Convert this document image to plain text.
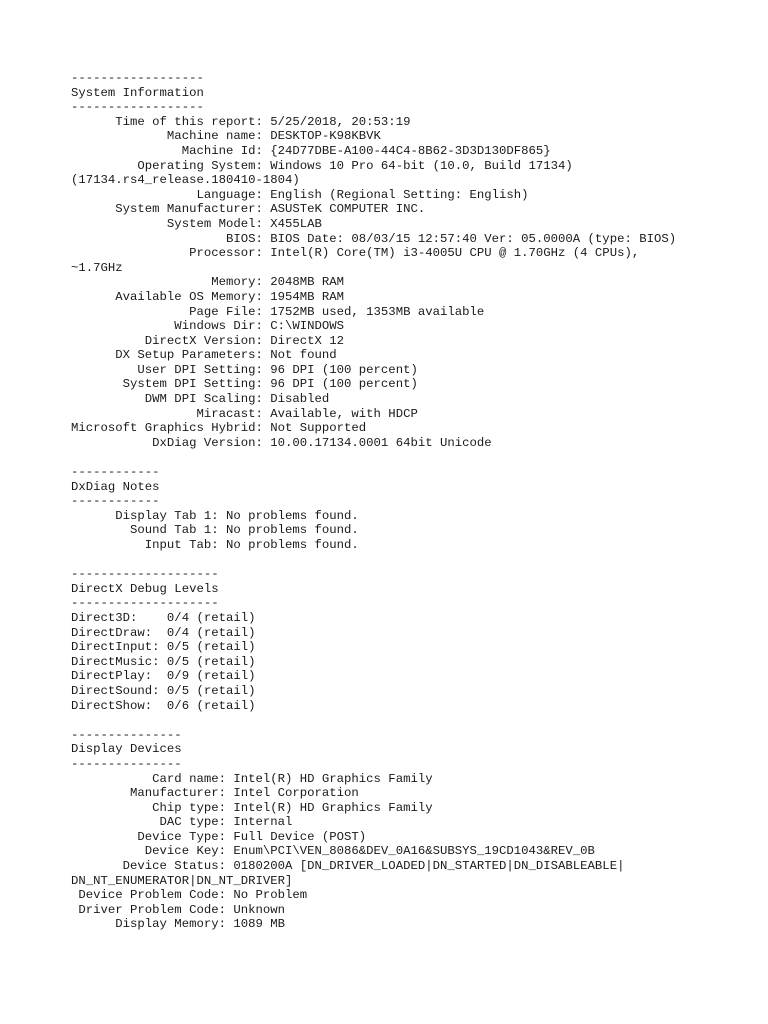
------------------
System Information
------------------
Time of this report: 5/25/2018, 20:53:19
Machine name: DESKTOP-K98KBVK
Machine Id: {24D77DBE-A100-44C4-8B62-3D3D130DF865}
Operating System: Windows 10 Pro 64-bit (10.0, Build 17134)
(17134.rs4_release.180410-1804)
Language: English (Regional Setting: English)
System Manufacturer: ASUSTeK COMPUTER INC.
System Model: X455LAB
BIOS: BIOS Date: 08/03/15 12:57:40 Ver: 05.0000A (type: BIOS)
Processor: Intel(R) Core(TM) i3-4005U CPU @ 1.70GHz (4 CPUs),
~1.7GHz
Memory: 2048MB RAM
Available OS Memory: 1954MB RAM
Page File: 1752MB used, 1353MB available
Windows Dir: C:\WINDOWS
DirectX Version: DirectX 12
DX Setup Parameters: Not found
User DPI Setting: 96 DPI (100 percent)
System DPI Setting: 96 DPI (100 percent)
DWM DPI Scaling: Disabled
Miracast: Available, with HDCP
Microsoft Graphics Hybrid: Not Supported
DxDiag Version: 10.00.17134.0001 64bit Unicode
------------
DxDiag Notes
------------
Display Tab 1: No problems found.
Sound Tab 1: No problems found.
Input Tab: No problems found.
--------------------
DirectX Debug Levels
--------------------
Direct3D:    0/4 (retail)
DirectDraw:  0/4 (retail)
DirectInput: 0/5 (retail)
DirectMusic: 0/5 (retail)
DirectPlay:  0/9 (retail)
DirectSound: 0/5 (retail)
DirectShow:  0/6 (retail)
---------------
Display Devices
---------------
Card name: Intel(R) HD Graphics Family
Manufacturer: Intel Corporation
Chip type: Intel(R) HD Graphics Family
DAC type: Internal
Device Type: Full Device (POST)
Device Key: Enum\PCI\VEN_8086&DEV_0A16&SUBSYS_19CD1043&REV_0B
Device Status: 0180200A [DN_DRIVER_LOADED|DN_STARTED|DN_DISABLEABLE|
DN_NT_ENUMERATOR|DN_NT_DRIVER]
Device Problem Code: No Problem
Driver Problem Code: Unknown
Display Memory: 1089 MB
